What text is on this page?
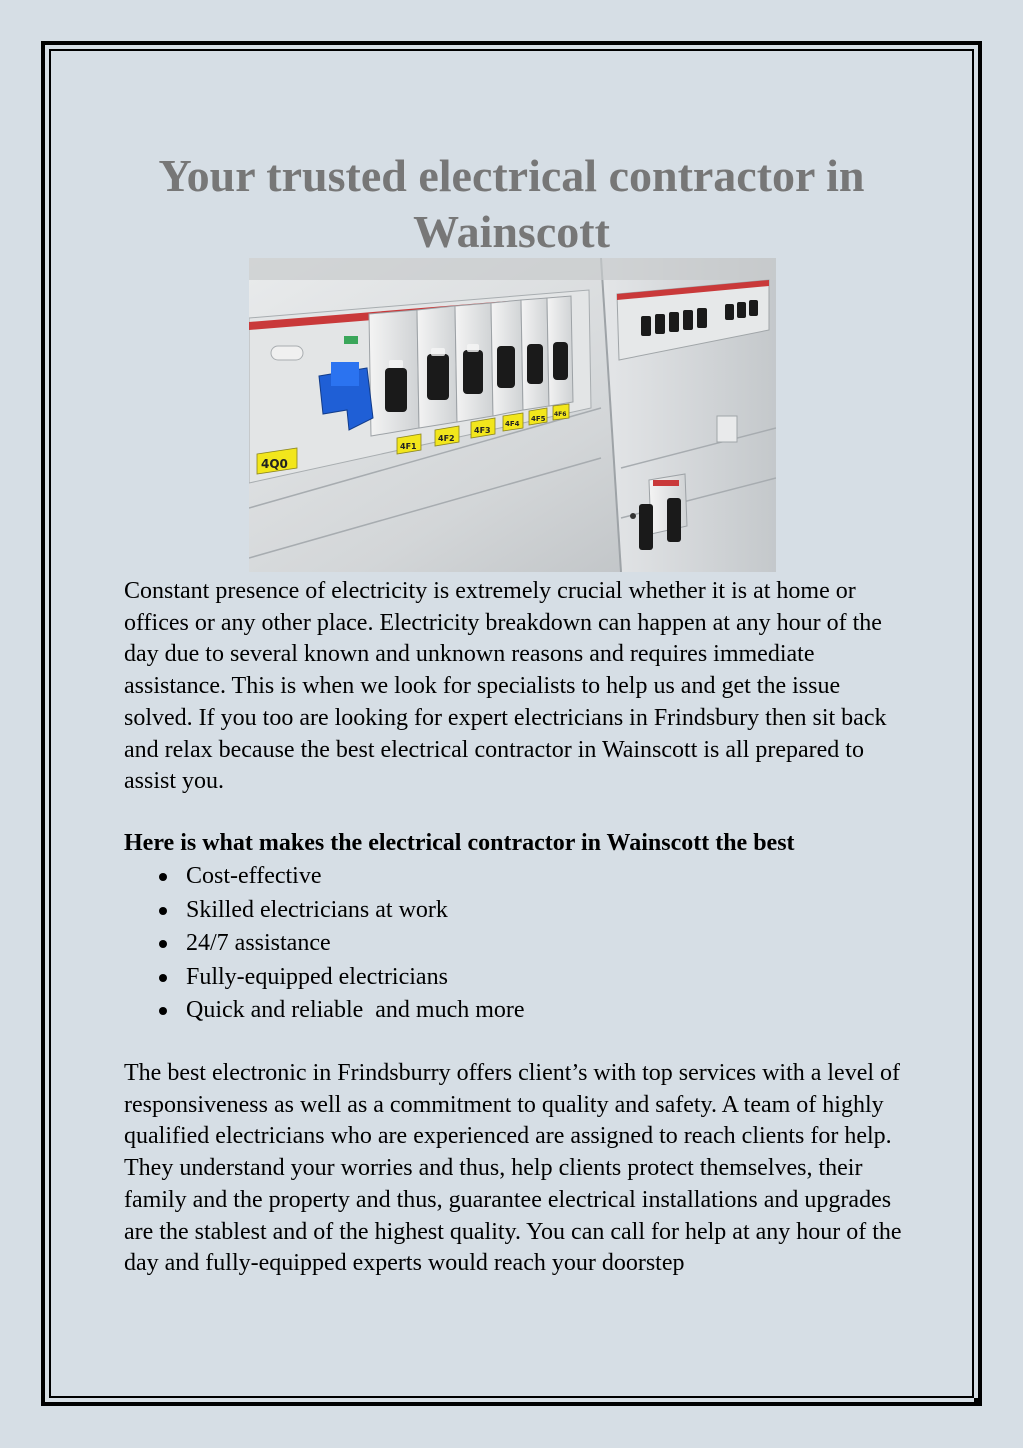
Your trusted electrical contractor in Wainscott
4Q0
4F1
4F2
4F3
4F4
4F5
4F6

Constant presence of electricity is extremely crucial whether it is at home or offices or any other place. Electricity breakdown can happen at any hour of the day due to several known and unknown reasons and requires immediate assistance. This is when we look for specialists to help us and get the issue solved. If you too are looking for expert electricians in Frindsbury then sit back and relax because the best electrical contractor in Wainscott is all prepared to assist you.

Here is what makes the electrical contractor in Wainscott the best

Cost-effective
Skilled electricians at work
24/7 assistance
Fully-equipped electricians
Quick and reliable  and much more

The best electronic in Frindsburry offers client’s with top services with a level of responsiveness as well as a commitment to quality and safety. A team of highly qualified electricians who are experienced are assigned to reach clients for help. They understand your worries and thus, help clients protect themselves, their family and the property and thus, guarantee electrical installations and upgrades are the stablest and of the highest quality. You can call for help at any hour of the day and fully-equipped experts would reach your doorstep
